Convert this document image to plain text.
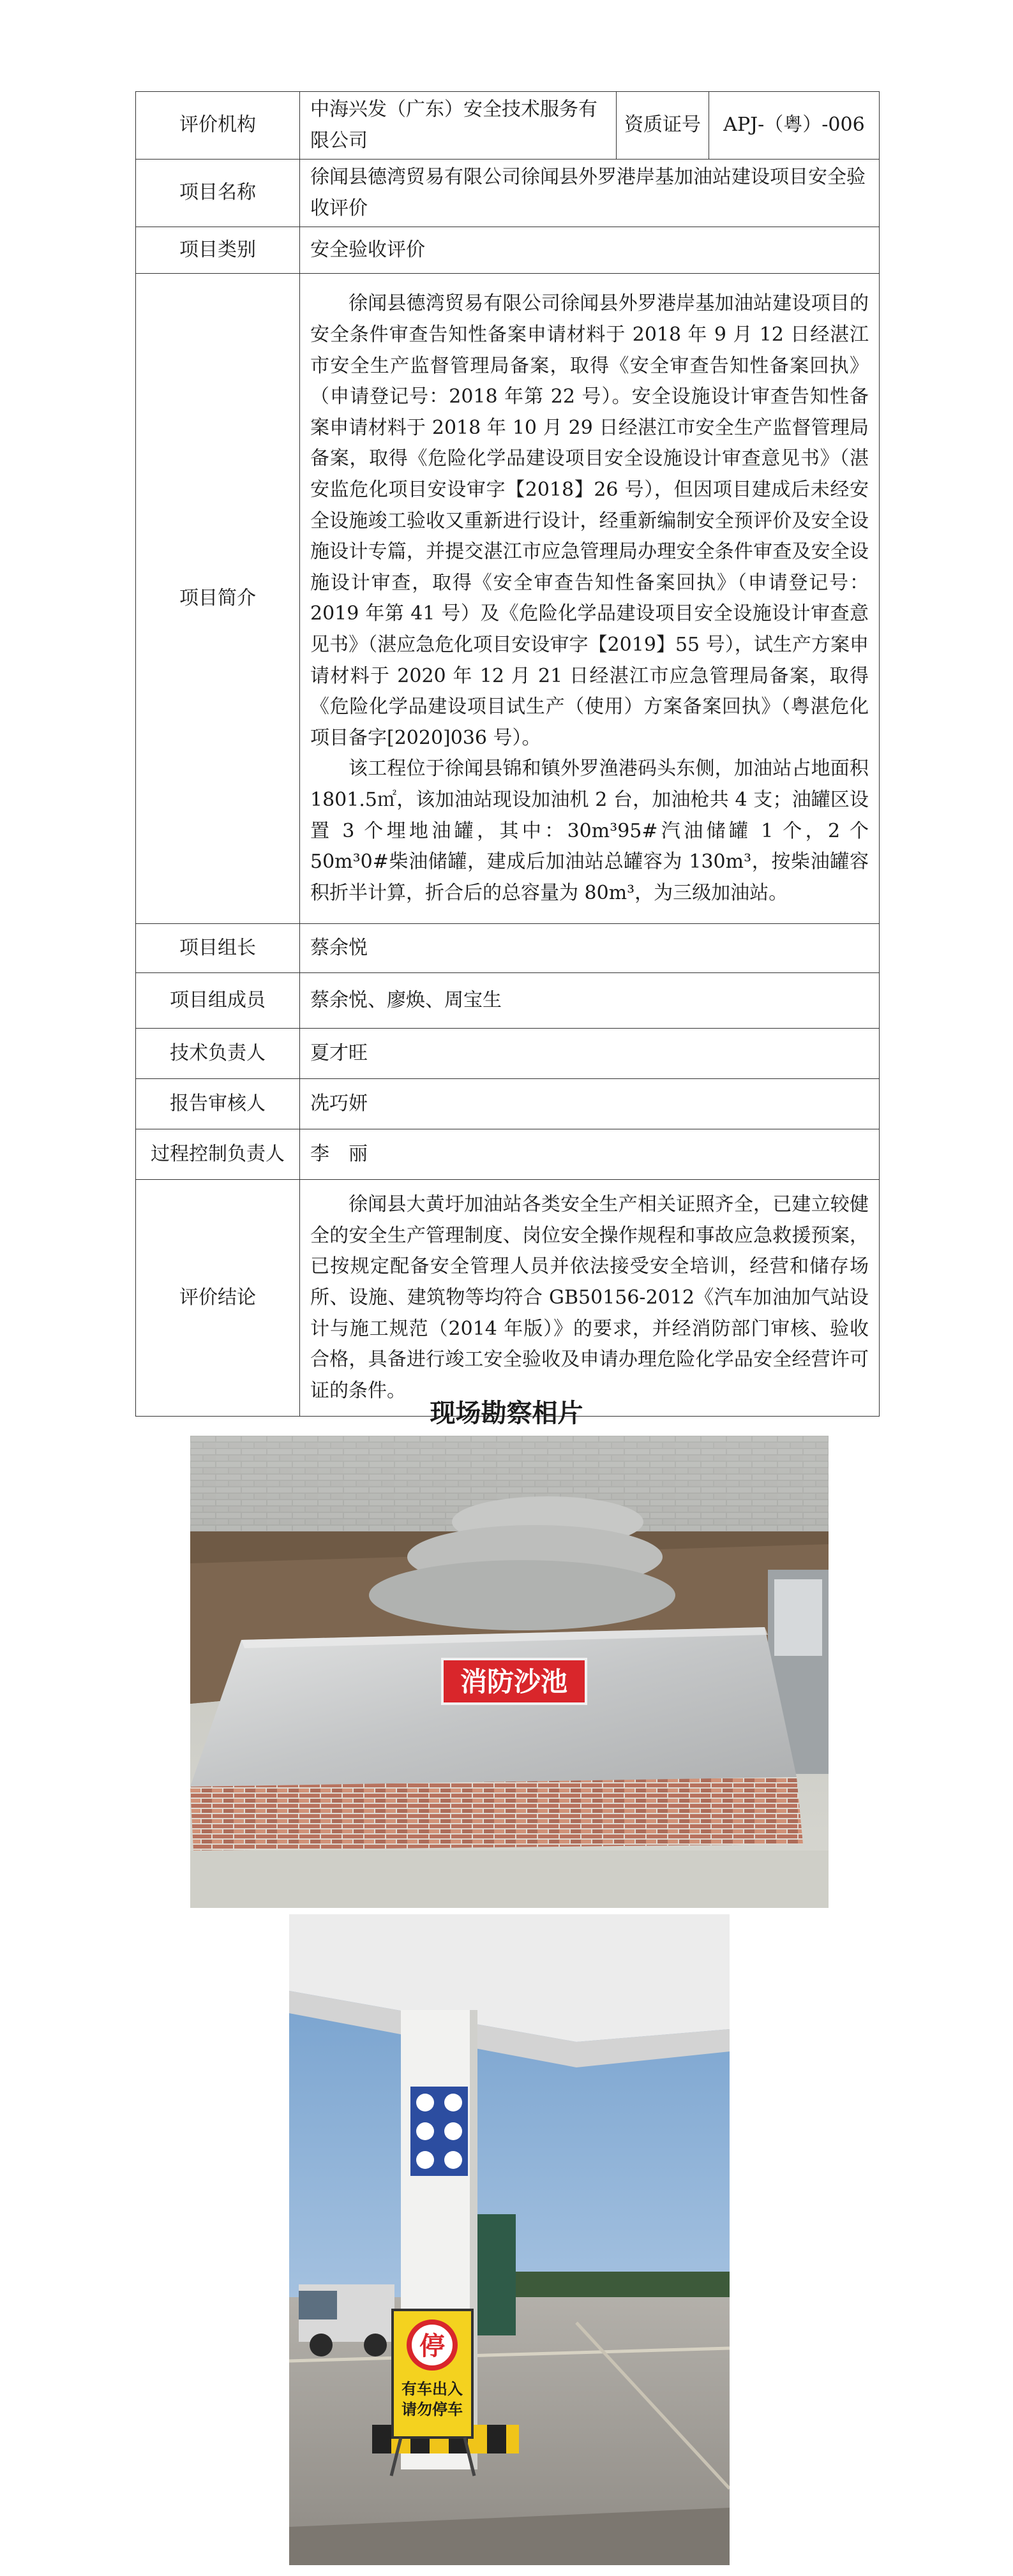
评价机构	中海兴发（广东）安全技术服务有限公司	资质证号	APJ-（粤）-006
项目名称	徐闻县德湾贸易有限公司徐闻县外罗港岸基加油站建设项目安全验收评价		
项目类别	安全验收评价		
项目简介	徐闻县德湾贸易有限公司徐闻县外罗港岸基加油站建设项目的安全条件审查告知性备案申请材料于 2018 年 9 月 12 日经湛江市安全生产监督管理局备案，取得《安全审查告知性备案回执》（申请登记号：2018 年第 22 号）。安全设施设计审查告知性备案申请材料于 2018 年 10 月 29 日经湛江市安全生产监督管理局备案，取得《危险化学品建设项目安全设施设计审查意见书》（湛安监危化项目安设审字【2018】26 号），但因项目建成后未经安全设施竣工验收又重新进行设计，经重新编制安全预评价及安全设施设计专篇，并提交湛江市应急管理局办理安全条件审查及安全设施设计审查，取得《安全审查告知性备案回执》（申请登记号：2019 年第 41 号）及《危险化学品建设项目安全设施设计审查意见书》（湛应急危化项目安设审字【2019】55 号），试生产方案申请材料于 2020 年 12 月 21 日经湛江市应急管理局备案，取得《危险化学品建设项目试生产（使用）方案备案回执》（粤湛危化项目备字[2020]036 号）。

该工程位于徐闻县锦和镇外罗渔港码头东侧，加油站占地面积 1801.5㎡，该加油站现设加油机 2 台，加油枪共 4 支；油罐区设置 3 个埋地油罐，其中：30m³95#汽油储罐 1 个，2 个 50m³0#柴油储罐，建成后加油站总罐容为 130m³，按柴油罐容积折半计算，折合后的总容量为 80m³，为三级加油站。		

项目组长	蔡余悦		
项目组成员	蔡余悦、廖焕、周宝生		
技术负责人	夏才旺		
报告审核人	冼巧妍		
过程控制负责人	李　丽		
评价结论	徐闻县大黄圩加油站各类安全生产相关证照齐全，已建立较健全的安全生产管理制度、岗位安全操作规程和事故应急救援预案，已按规定配备安全管理人员并依法接受安全培训，经营和储存场所、设施、建筑物等均符合 GB50156-2012《汽车加油加气站设计与施工规范（2014 年版）》的要求，并经消防部门审核、验收合格，具备进行竣工安全验收及申请办理危险化学品安全经营许可证的条件。		

现场勘察相片
消防沙池
停
有车出入
请勿停车
